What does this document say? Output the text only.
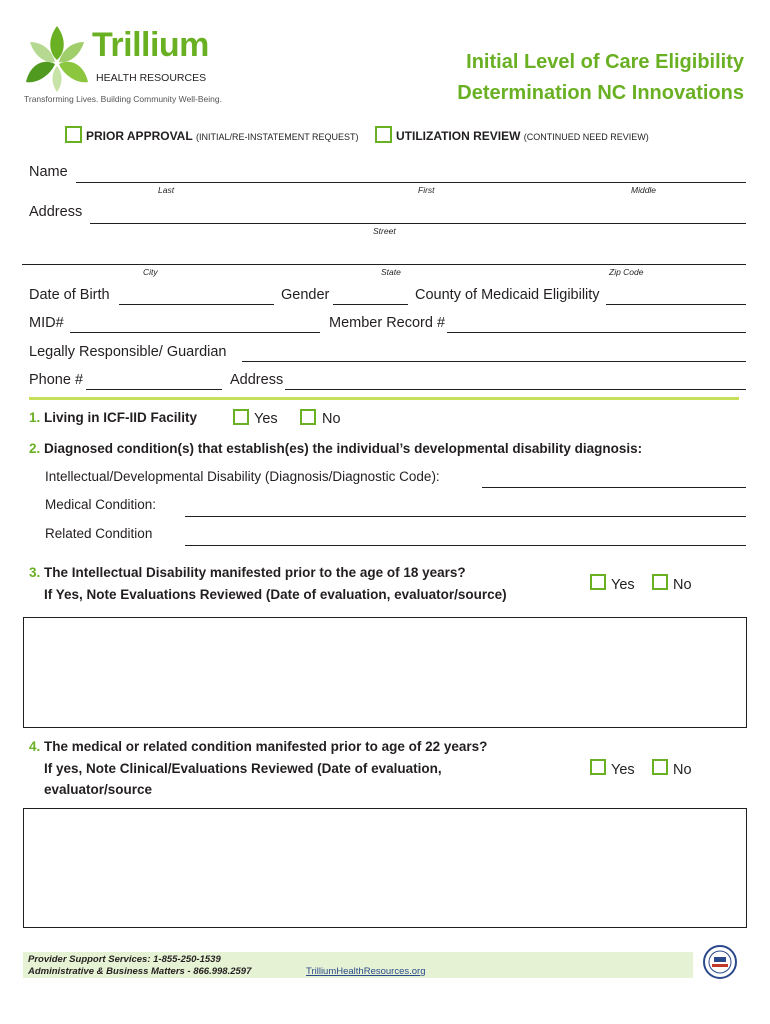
Trillium
HEALTH RESOURCES
Transforming Lives. Building Community Well-Being.
Initial Level of Care Eligibility
Determination NC Innovations
PRIOR APPROVAL (INITIAL/RE-INSTATEMENT REQUEST)	UTILIZATION REVIEW (CONTINUED NEED REVIEW)
Name
Last	First	Middle
Address
Street
City	State	Zip Code
Date of Birth	Gender	County of Medicaid Eligibility
MID#	Member Record #
Legally Responsible/ Guardian
Phone #	Address
1. Living in ICF-IID Facility	Yes	No
2. Diagnosed condition(s) that establish(es) the individual’s developmental disability diagnosis:
Intellectual/Developmental Disability (Diagnosis/Diagnostic Code):
Medical Condition:
Related Condition
3. The Intellectual Disability manifested prior to the age of 18 years?
If Yes, Note Evaluations Reviewed (Date of evaluation, evaluator/source)
Yes	No
4. The medical or related condition manifested prior to age of 22 years?
If yes, Note Clinical/Evaluations Reviewed (Date of evaluation,
evaluator/source
Yes	No
Provider Support Services: 1-855-250-1539
Administrative & Business Matters - 866.998.2597	TrilliumHealthResources.org
